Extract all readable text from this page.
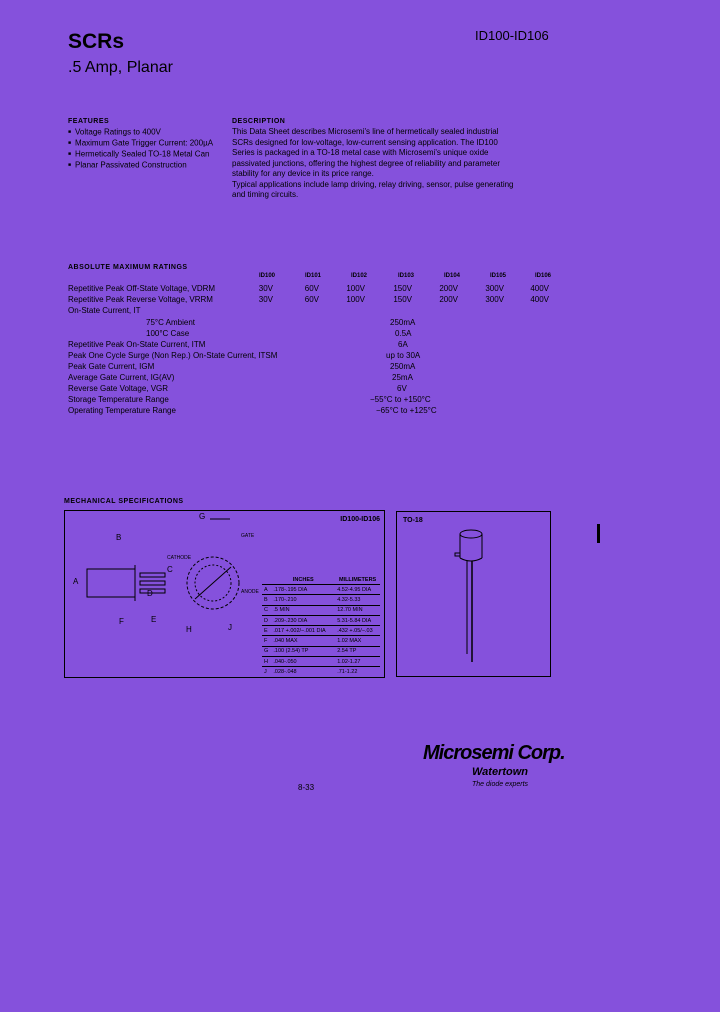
SCRs
.5 Amp, Planar
ID100-ID106
FEATURES
■ Voltage Ratings to 400V
■ Maximum Gate Trigger Current: 200µA
■ Hermetically Sealed TO-18 Metal Can
■ Planar Passivated Construction
DESCRIPTION
This Data Sheet describes Microsemi's line of hermetically sealed industrial SCRs designed for low-voltage, low-current sensing application. The ID100 Series is packaged in a TO-18 metal case with Microsemi's unique oxide passivated junctions, offering the highest degree of reliability and parameter stability for any device in its price range.
Typical applications include lamp driving, relay driving, sensor, pulse generating and timing circuits.
ABSOLUTE MAXIMUM RATINGS
ID100	ID101	ID102	ID103	ID104	ID105	ID106
Repetitive Peak Off-State Voltage, VDRM	30V	60V	100V	150V	200V	300V	400V
Repetitive Peak Reverse Voltage, VRRM	30V	60V	100V	150V	200V	300V	400V
On-State Current, IT
75°C Ambient	250mA
100°C Case	0.5A
Repetitive Peak On-State Current, ITM	6A
Peak One Cycle Surge (Non Rep.) On-State Current, ITSM	up to 30A
Peak Gate Current, IGM	250mA
Average Gate Current, IG(AV)	25mA
Reverse Gate Voltage, VGR	6V
Storage Temperature Range	−55°C to +150°C
Operating Temperature Range	−65°C to +125°C
MECHANICAL SPECIFICATIONS
ID100-ID106
B
A
C
D
E
F
G
H	J
GATE
CATHODE
ANODE
	INCHES	MILLIMETERS
A	.178-.195 DIA	4.52-4.95 DIA
B	.170-.210	4.32-5.33
C	.5 MIN	12.70 MIN
D	.209-.230 DIA	5.31-5.84 DIA
E	.017 +.002/−.001 DIA	.432 +.05/−.03
F	.040 MAX	1.02 MAX
G	.100 (2.54) TP	2.54 TP
H	.040-.050	1.02-1.27
J	.028-.048	.71-1.22
TO-18
Microsemi Corp.
Watertown
The diode experts
8-33
